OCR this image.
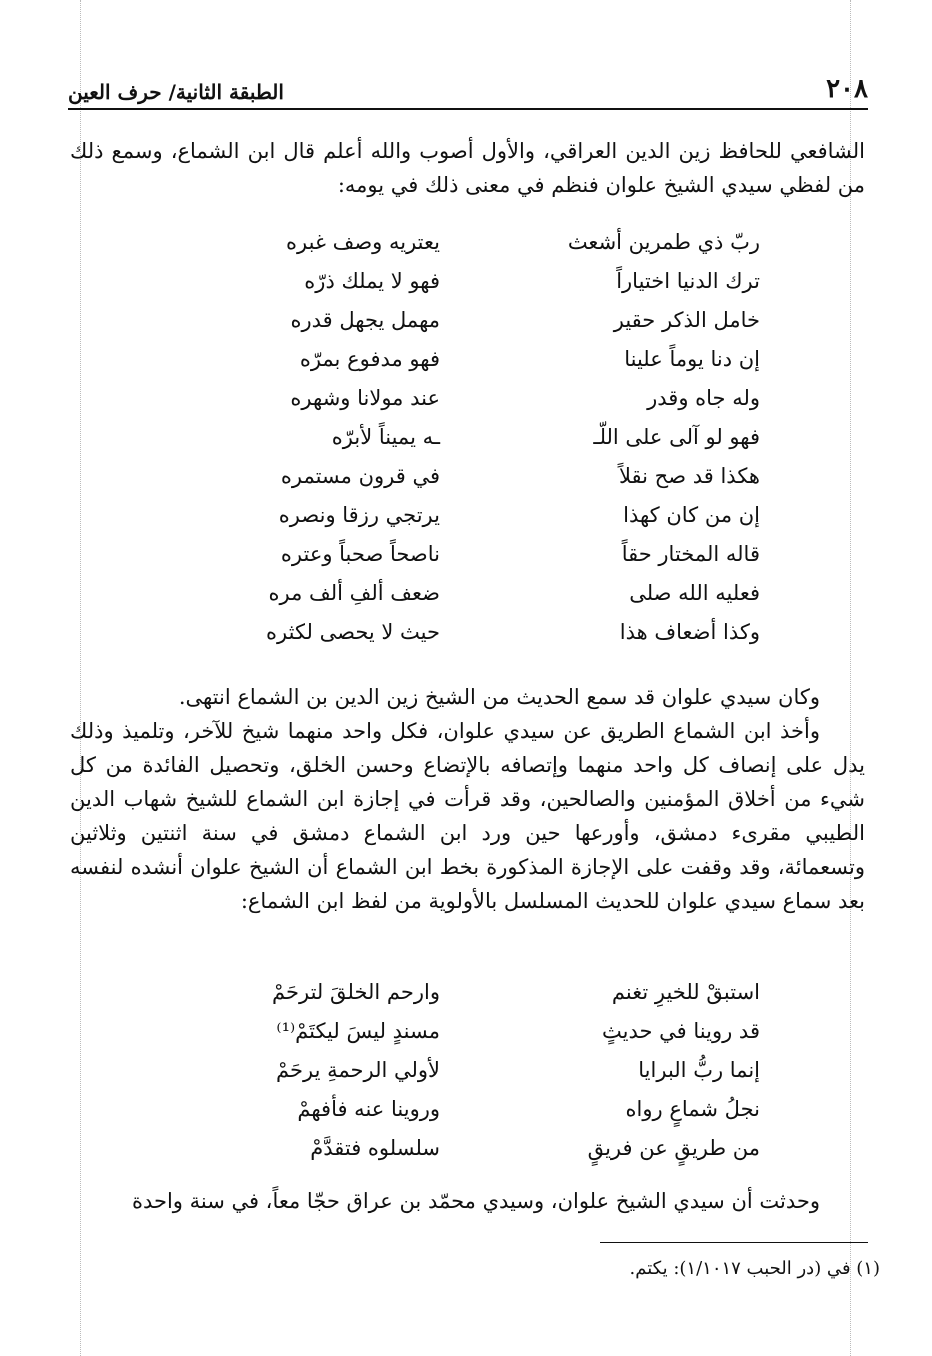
٢٠٨
الطبقة الثانية/ حرف العين

الشافعي للحافظ زين الدين العراقي، والأول أصوب والله أعلم قال ابن الشماع، وسمع ذلك من لفظي سيدي الشيخ علوان فنظم في معنى ذلك في يومه:

ربّ ذي طمرين أشعث
يعتريه وصف غبره
ترك الدنيا اختياراً
فهو لا يملك ذرّه
خامل الذكر حقير
مهمل يجهل قدره
إن دنا يوماً علينا
فهو مدفوع بمرّه
وله جاه وقدر
عند مولانا وشهره
فهو لو آلى على اللّـ
ـه يميناً لأبرّه
هكذا قد صح نقلاً
في قرون مستمره
إن من كان كهذا
يرتجي رزقا ونصره
قاله المختار حقاً
ناصحاً صحباً وعتره
فعليه الله صلى
ضعف ألفِ ألف مره
وكذا أضعاف هذا
حيث لا يحصى لكثره

وكان سيدي علوان قد سمع الحديث من الشيخ زين الدين بن الشماع انتهى.

وأخذ ابن الشماع الطريق عن سيدي علوان، فكل واحد منهما شيخ للآخر، وتلميذ وذلك يدل على إنصاف كل واحد منهما وإتصافه بالإتضاع وحسن الخلق، وتحصيل الفائدة من كل شيء من أخلاق المؤمنين والصالحين، وقد قرأت في إجازة ابن الشماع للشيخ شهاب الدين الطيبي مقرىء دمشق، وأورعها حين ورد ابن الشماع دمشق في سنة اثنتين وثلاثين وتسعمائة، وقد وقفت على الإجازة المذكورة بخط ابن الشماع أن الشيخ علوان أنشده لنفسه بعد سماع سيدي علوان للحديث المسلسل بالأولوية من لفظ ابن الشماع:

استبقْ للخيرِ تغنم
وارحم الخلقَ لترحَمْ
قد روينا في حديثٍ
مسندٍ ليسَ ليكتَمْ⁽¹⁾
إنما ربُّ البرايا
لأولي الرحمةِ يرحَمْ
نجلُ شماعٍ رواه
وروينا عنه فأفهمْ
من طريقٍ عن فريقٍ
سلسلوه فتقدَّمْ

وحدثت أن سيدي الشيخ علوان، وسيدي محمّد بن عراق حجّا معاً، في سنة واحدة

(١) في (در الحبب ١/١٠١٧): يكتم.
